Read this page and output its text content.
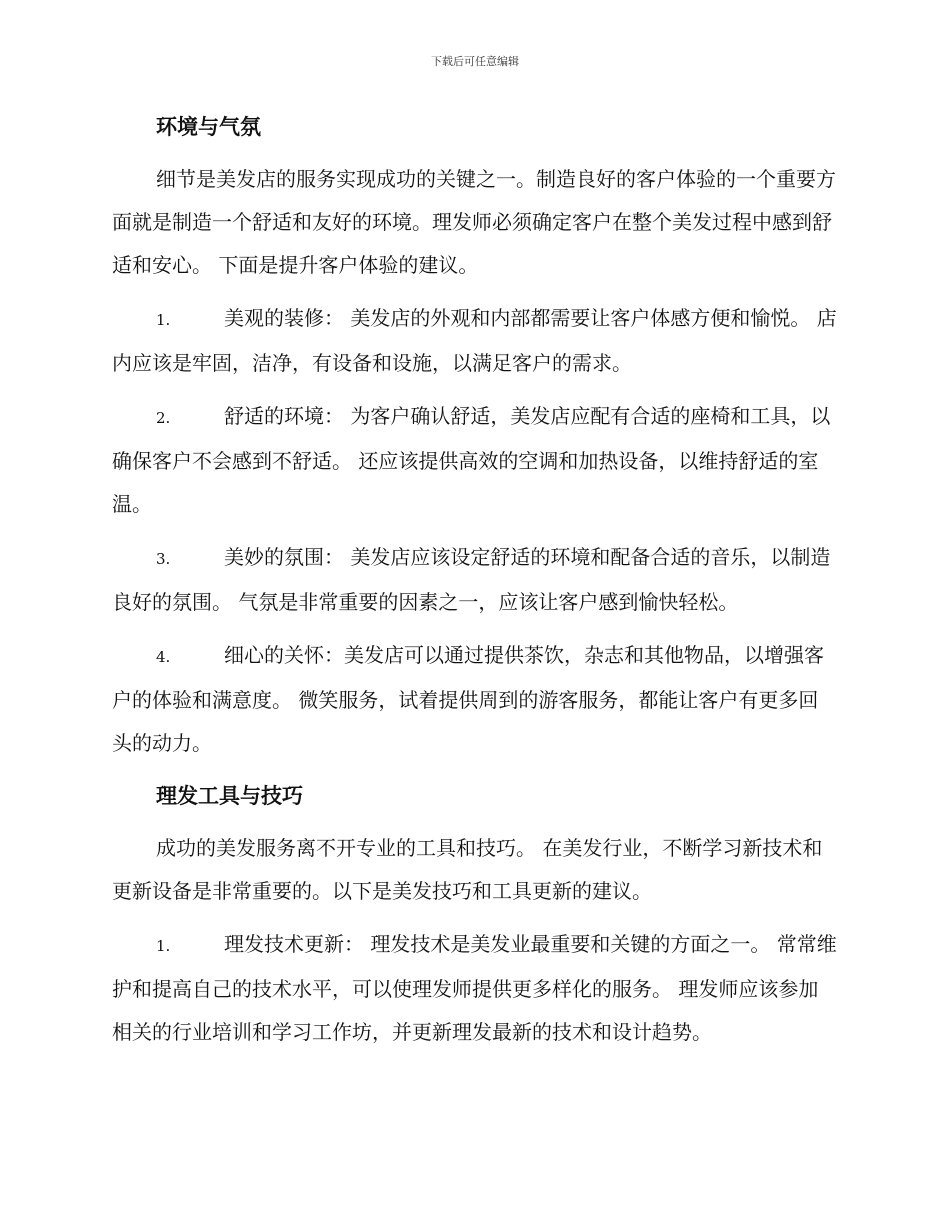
下载后可任意编辑
环境与气氛
细节是美发店的服务实现成功的关键之一。制造良好的客户体验的一个重要方面就是制造一个舒适和友好的环境。理发师必须确定客户在整个美发过程中感到舒适和安心。 下面是提升客户体验的建议。
1.	美观的装修： 美发店的外观和内部都需要让客户体感方便和愉悦。 店内应该是牢固，洁净，有设备和设施，以满足客户的需求。
2.	舒适的环境： 为客户确认舒适，美发店应配有合适的座椅和工具，以确保客户不会感到不舒适。 还应该提供高效的空调和加热设备，以维持舒适的室温。
3.	美妙的氛围： 美发店应该设定舒适的环境和配备合适的音乐，以制造良好的氛围。 气氛是非常重要的因素之一，应该让客户感到愉快轻松。
4.	细心的关怀：美发店可以通过提供茶饮，杂志和其他物品，以增强客户的体验和满意度。 微笑服务，试着提供周到的游客服务，都能让客户有更多回头的动力。
理发工具与技巧
成功的美发服务离不开专业的工具和技巧。 在美发行业，不断学习新技术和更新设备是非常重要的。以下是美发技巧和工具更新的建议。
1.	理发技术更新： 理发技术是美发业最重要和关键的方面之一。 常常维护和提高自己的技术水平，可以使理发师提供更多样化的服务。 理发师应该参加相关的行业培训和学习工作坊，并更新理发最新的技术和设计趋势。
